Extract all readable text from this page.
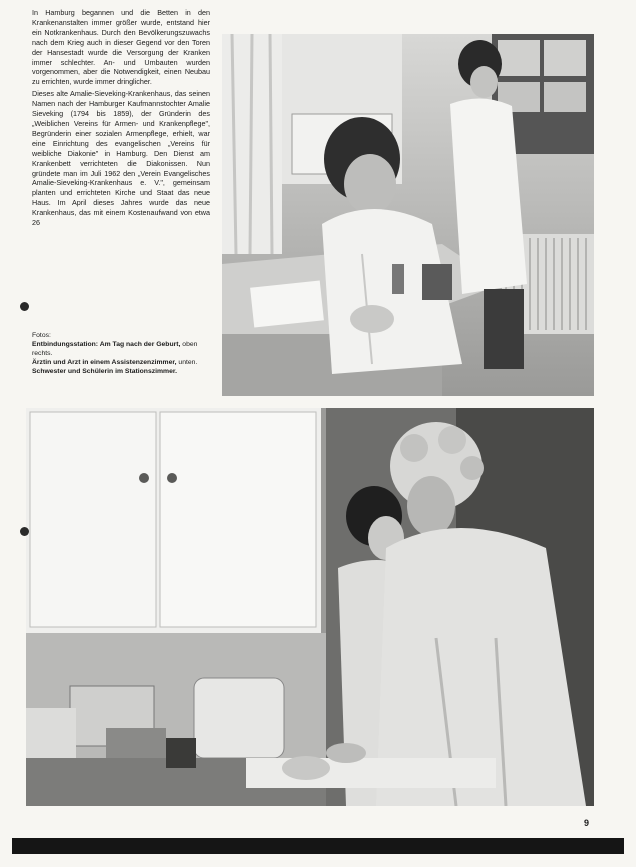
In Hamburg begannen und die Betten in den Krankenanstalten immer größer wurde, entstand hier ein Notkrankenhaus. Durch den Bevölkerungszuwachs nach dem Krieg auch in dieser Gegend vor den Toren der Hansestadt wurde die Versorgung der Kranken immer schlechter. An- und Umbauten wurden vorgenommen, aber die Notwendigkeit, einen Neubau zu errichten, wurde immer dringlicher.

Dieses alte Amalie-Sieveking-Krankenhaus, das seinen Namen nach der Hamburger Kaufmannstochter Amalie Sieveking (1794 bis 1859), der Gründerin des „Weiblichen Vereins für Armen- und Krankenpflege", Begründerin einer sozialen Armenpflege, erhielt, war eine Einrichtung des evangelischen „Vereins für weibliche Diakonie" in Hamburg. Den Dienst am Krankenbett verrichteten die Diakonissen. Nun gründete man im Juli 1962 den „Verein Evangelisches Amalie-Sieveking-Krankenhaus e. V.", gemeinsam planten und errichteten Kirche und Staat das neue Haus. Im April dieses Jahres wurde das neue Krankenhaus, das mit einem Kostenaufwand von etwa 26

Fotos:
Entbindungsstation: Am Tag nach der Geburt, oben rechts.
Ärztin und Arzt in einem Assistenzenzimmer, unten.
Schwester und Schülerin im Stationszimmer.
9
